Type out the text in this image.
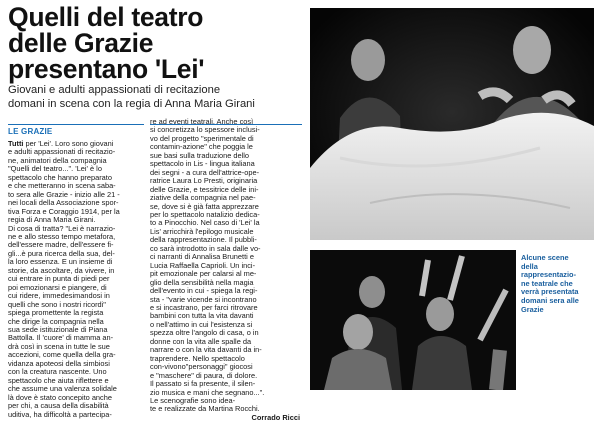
Quelli del teatro
delle Grazie
presentano 'Lei'
Giovani e adulti appassionati di recitazione
domani in scena con la regia di Anna Maria Girani
LE GRAZIE

Tutti per 'Lei'. Loro sono giovani
e adulti appassionati di recitazio-
ne, animatori della compagnia
"Quelli del teatro...". 'Lei' è lo
spettacolo che hanno preparato
e che metteranno in scena saba-
to sera alle Grazie - inizio alle 21 -
nei locali della Associazione spor-
tiva Forza e Coraggio 1914, per la
regia di Anna Maria Girani.
Di cosa di tratta? "Lei è narrazio-
ne e allo stesso tempo metafora,
dell'essere madre, dell'essere fi-
gli...è pura ricerca della sua, del-
la loro essenza. E un insieme di
storie, da ascoltare, da vivere, in
cui entrare in punta di piedi per
poi emozionarsi e piangere, di
cui ridere, immedesimandosi in
quelli che sono i nostri ricordi"
spiega promettente la regista
che dirige la compagnia nella
sua sede istituzionale di Piana
Battolla. Il 'cuore' di mamma an-
drà così in scena in tutte le sue
accezioni, come quella della gra-
vidanza apoteosi della simbiosi
con la creatura nascente. Uno
spettacolo che aiuta riflettere e
che assume una valenza solidale
là dove è stato concepito anche
per chi, a causa della disabilità
uditiva, ha difficoltà a partecipa-

re ad eventi teatrali. Anche così
si concretizza lo spessore inclusi-
vo del progetto "sperimentale di
contamin-azione" che poggia le
sue basi sulla traduzione dello
spettacolo in Lis - lingua italiana
dei segni - a cura dell'attrice-ope-
ratrice Laura Lo Presti, originaria
delle Grazie, e tessitrice delle ini-
ziative della compagnia nel pae-
se, dove si è già fatta apprezzare
per lo spettacolo natalizio dedica-
to a Pinocchio. Nel caso di 'Lei' la
Lis' arricchirà l'epilogo musicale
della rappresentazione. Il pubbli-
co sarà introdotto in sala dalle vo-
ci narranti di Annalisa Brunetti e
Lucia Raffaella Caprioli. Un inci-
pit emozionale per calarsi al me-
glio della sensibilità nella magia
dell'evento in cui - spiega la regi-
sta - "varie vicende si incontrano
e si incastrano, per farci ritrovare
bambini con tutta la vita davanti
o nell'attimo in cui l'esistenza si
spezza oltre l'angolo di casa, o in
donne con la vita alle spalle da
narrare o con la vita davanti da in-
traprendere. Nello spettacolo
con-vivono"personaggi" giocosi
e "maschere" di paura, di dolore.
Il passato si fa presente, il silen-
zio musica e mani che segnano...".
Le scenografie sono idea-
te e realizzate da Martina Rocchi.

Corrado Ricci
Alcune scene
della
rappresentazio-
ne teatrale che
verrà presentata
domani sera alle
Grazie
